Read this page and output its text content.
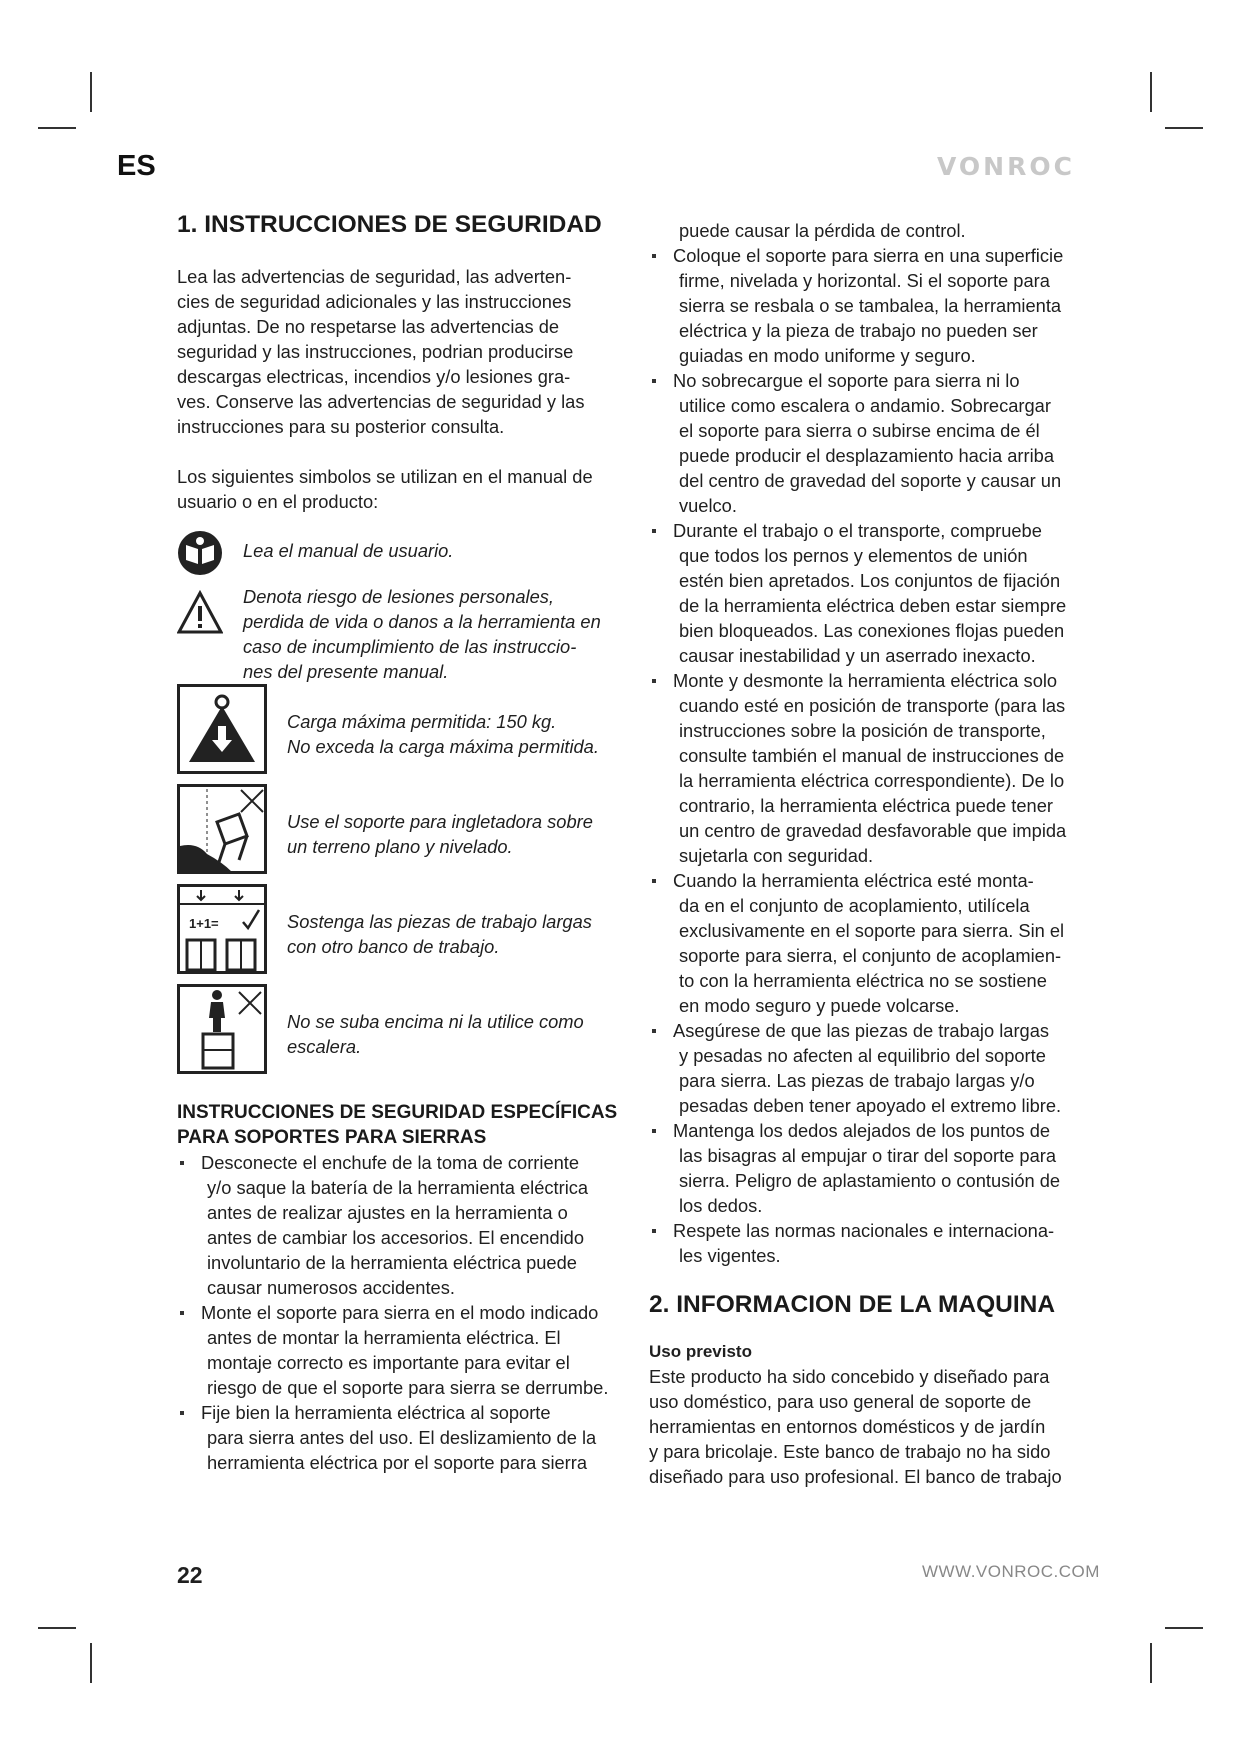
ES	VONROC
1. INSTRUCCIONES DE SEGURIDAD

Lea las advertencias de seguridad, las adverten-

cies de seguridad adicionales y las instrucciones

adjuntas. De no respetarse las advertencias de

seguridad y las instrucciones, podrian producirse

descargas electricas, incendios y/o lesiones gra-

ves. Conserve las advertencias de seguridad y las

instrucciones para su posterior consulta.

Los siguientes simbolos se utilizan en el manual de

usuario o en el producto:

Lea el manual de usuario.

Denota riesgo de lesiones personales,

perdida de vida o danos a la herramienta en

caso de incumplimiento de las instruccio-

nes del presente manual.

Carga máxima permitida: 150 kg.

No exceda la carga máxima permitida.

Use el soporte para ingletadora sobre

un terreno plano y nivelado.

1+1=	Sostenga las piezas de trabajo largas

con otro banco de trabajo.

No se suba encima ni la utilice como

escalera.

INSTRUCCIONES DE SEGURIDAD ESPECÍFICAS
PARA SOPORTES PARA SIERRAS

Desconecte el enchufe de la toma de corriente

y/o saque la batería de la herramienta eléctrica

antes de realizar ajustes en la herramienta o

antes de cambiar los accesorios. El encendido

involuntario de la herramienta eléctrica puede

causar numerosos accidentes.

Monte el soporte para sierra en el modo indicado

antes de montar la herramienta eléctrica. El

montaje correcto es importante para evitar el

riesgo de que el soporte para sierra se derrumbe.

Fije bien la herramienta eléctrica al soporte

para sierra antes del uso. El deslizamiento de la

herramienta eléctrica por el soporte para sierra

puede causar la pérdida de control.

Coloque el soporte para sierra en una superficie

firme, nivelada y horizontal. Si el soporte para

sierra se resbala o se tambalea, la herramienta

eléctrica y la pieza de trabajo no pueden ser

guiadas en modo uniforme y seguro.

No sobrecargue el soporte para sierra ni lo

utilice como escalera o andamio. Sobrecargar

el soporte para sierra o subirse encima de él

puede producir el desplazamiento hacia arriba

del centro de gravedad del soporte y causar un

vuelco.

Durante el trabajo o el transporte, compruebe

que todos los pernos y elementos de unión

estén bien apretados. Los conjuntos de fijación

de la herramienta eléctrica deben estar siempre

bien bloqueados. Las conexiones flojas pueden

causar inestabilidad y un aserrado inexacto.

Monte y desmonte la herramienta eléctrica solo

cuando esté en posición de transporte (para las

instrucciones sobre la posición de transporte,

consulte también el manual de instrucciones de

la herramienta eléctrica correspondiente). De lo

contrario, la herramienta eléctrica puede tener

un centro de gravedad desfavorable que impida

sujetarla con seguridad.

Cuando la herramienta eléctrica esté monta-

da en el conjunto de acoplamiento, utilícela

exclusivamente en el soporte para sierra. Sin el

soporte para sierra, el conjunto de acoplamien-

to con la herramienta eléctrica no se sostiene

en modo seguro y puede volcarse.

Asegúrese de que las piezas de trabajo largas

y pesadas no afecten al equilibrio del soporte

para sierra. Las piezas de trabajo largas y/o

pesadas deben tener apoyado el extremo libre.

Mantenga los dedos alejados de los puntos de

las bisagras al empujar o tirar del soporte para

sierra. Peligro de aplastamiento o contusión de

los dedos.

Respete las normas nacionales e internaciona-

les vigentes.

2. INFORMACION DE LA MAQUINA
Uso previsto

Este producto ha sido concebido y diseñado para

uso doméstico, para uso general de soporte de

herramientas en entornos domésticos y de jardín

y para bricolaje. Este banco de trabajo no ha sido

diseñado para uso profesional. El banco de trabajo

22	WWW.VONROC.COM
